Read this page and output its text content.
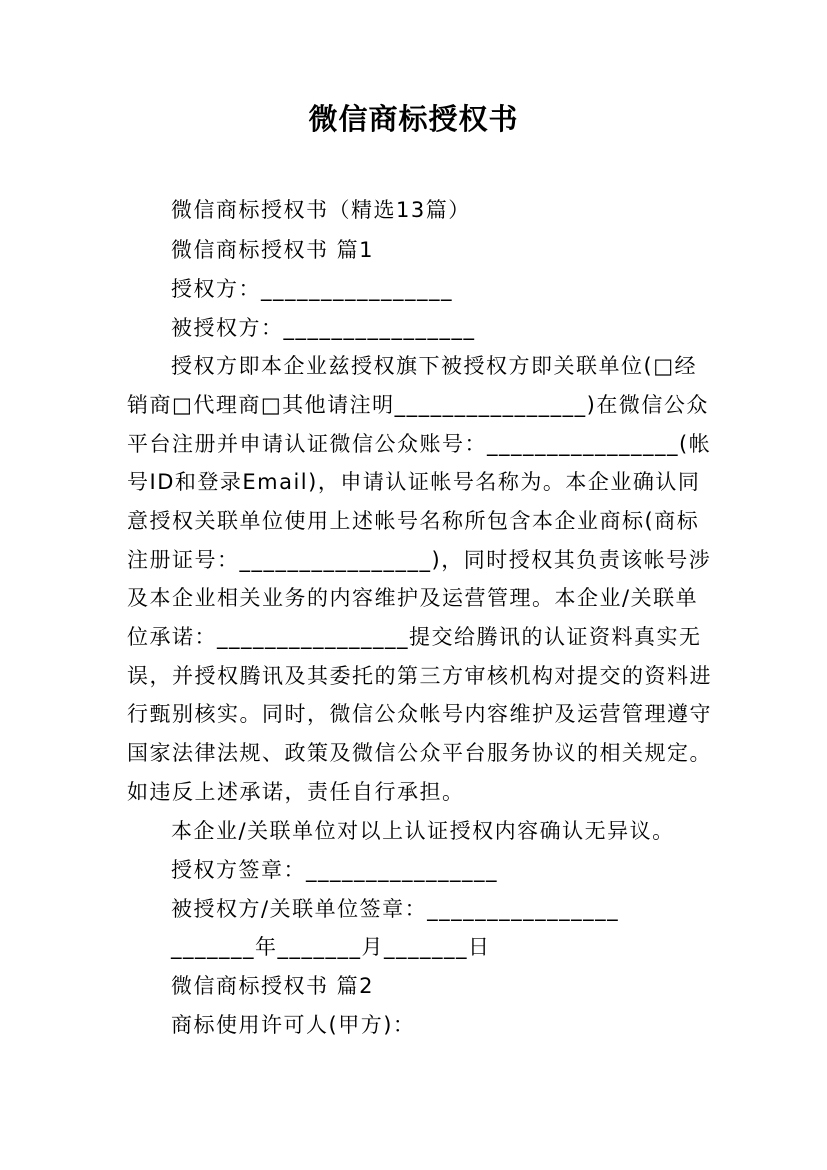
微信商标授权书
微信商标授权书（精选13篇）
微信商标授权书 篇1
授权方：________________
被授权方：________________
授权方即本企业兹授权旗下被授权方即关联单位(□经
销商□代理商□其他请注明________________)在微信公众
平台注册并申请认证微信公众账号：________________(帐
号ID和登录Email)，申请认证帐号名称为。本企业确认同
意授权关联单位使用上述帐号名称所包含本企业商标(商标
注册证号：________________)，同时授权其负责该帐号涉
及本企业相关业务的内容维护及运营管理。本企业/关联单
位承诺：________________提交给腾讯的认证资料真实无
误，并授权腾讯及其委托的第三方审核机构对提交的资料进
行甄别核实。同时，微信公众帐号内容维护及运营管理遵守
国家法律法规、政策及微信公众平台服务协议的相关规定。
如违反上述承诺，责任自行承担。
本企业/关联单位对以上认证授权内容确认无异议。
授权方签章：________________
被授权方/关联单位签章：________________
_______年_______月_______日
微信商标授权书 篇2
商标使用许可人(甲方)：
